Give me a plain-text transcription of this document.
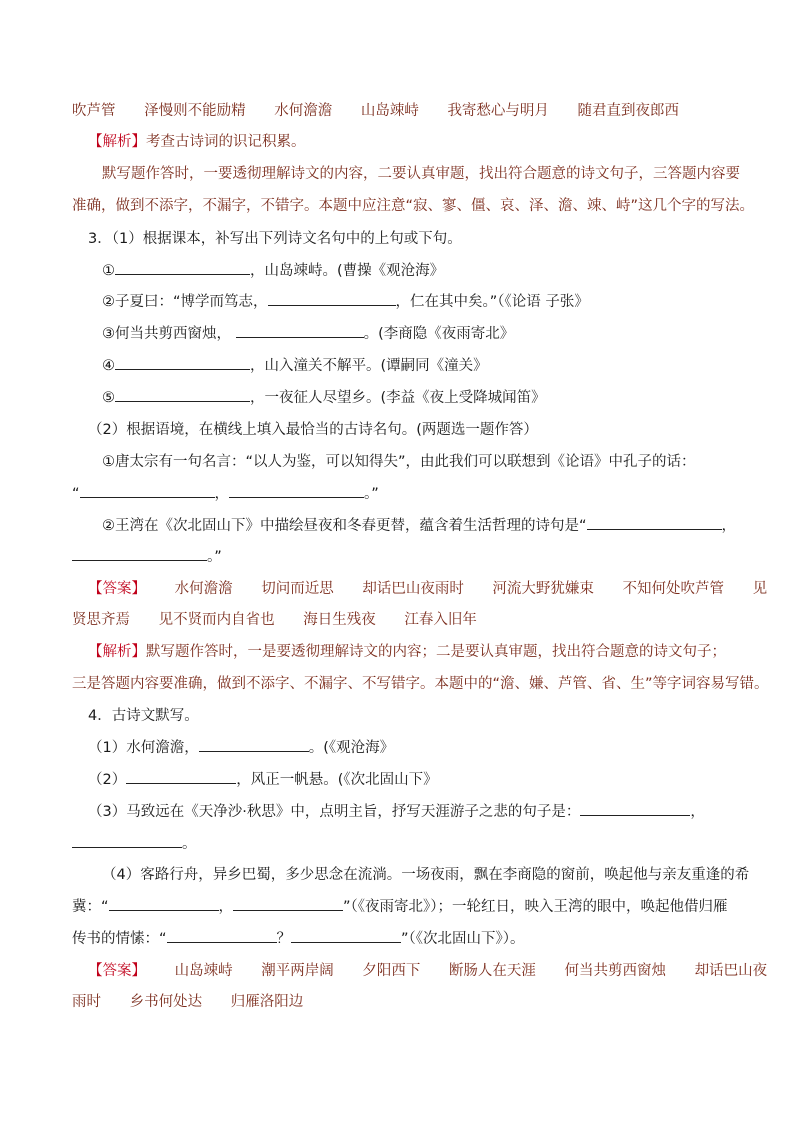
吹芦管 泽慢则不能励精 水何澹澹 山岛竦峙 我寄愁心与明月 随君直到夜郎西
【解析】考查古诗词的识记积累。
默写题作答时，一要透彻理解诗文的内容，二要认真审题，找出符合题意的诗文句子，三答题内容要
准确，做到不添字，不漏字，不错字。本题中应注意“寂、寥、僵、哀、泽、澹、竦、峙”这几个字的写法。
3．（1）根据课本，补写出下列诗文名句中的上句或下句。
①	，山岛竦峙。(曹操《观沧海》
②子夏曰：“博学而笃志，	，仁在其中矣。”（《论语 子张》
③何当共剪西窗烛，	。(李商隐《夜雨寄北》
④	，山入潼关不解平。(谭嗣同《潼关》
⑤	，一夜征人尽望乡。(李益《夜上受降城闻笛》
（2）根据语境，在横线上填入最恰当的古诗名句。(两题选一题作答）
①唐太宗有一句名言：“以人为鉴，可以知得失”，由此我们可以联想到《论语》中孔子的话：
“	，	。”
②王湾在《次北固山下》中描绘昼夜和冬春更替，蕴含着生活哲理的诗句是“	，
。”
【答案】 水何澹澹 切问而近思 却话巴山夜雨时 河流大野犹嫌束 不知何处吹芦管 见
贤思齐焉 见不贤而内自省也 海日生残夜 江春入旧年
【解析】默写题作答时，一是要透彻理解诗文的内容；二是要认真审题，找出符合题意的诗文句子；
三是答题内容要准确，做到不添字、不漏字、不写错字。本题中的“澹、嫌、芦管、省、生”等字词容易写错。
4．古诗文默写。
（1）水何澹澹，	。(《观沧海》
（2）	，风正一帆悬。(《次北固山下》
（3）马致远在《天净沙·秋思》中，点明主旨，抒写天涯游子之悲的句子是：	，
。
（4）客路行舟，异乡巴蜀，多少思念在流淌。一场夜雨，飘在李商隐的窗前，唤起他与亲友重逢的希
冀：“	，	”（《夜雨寄北》）；一轮红日，映入王湾的眼中，唤起他借归雁
传书的情愫：“	？	”（《次北固山下》）。
【答案】 山岛竦峙 潮平两岸阔 夕阳西下 断肠人在天涯 何当共剪西窗烛 却话巴山夜
雨时 乡书何处达 归雁洛阳边
